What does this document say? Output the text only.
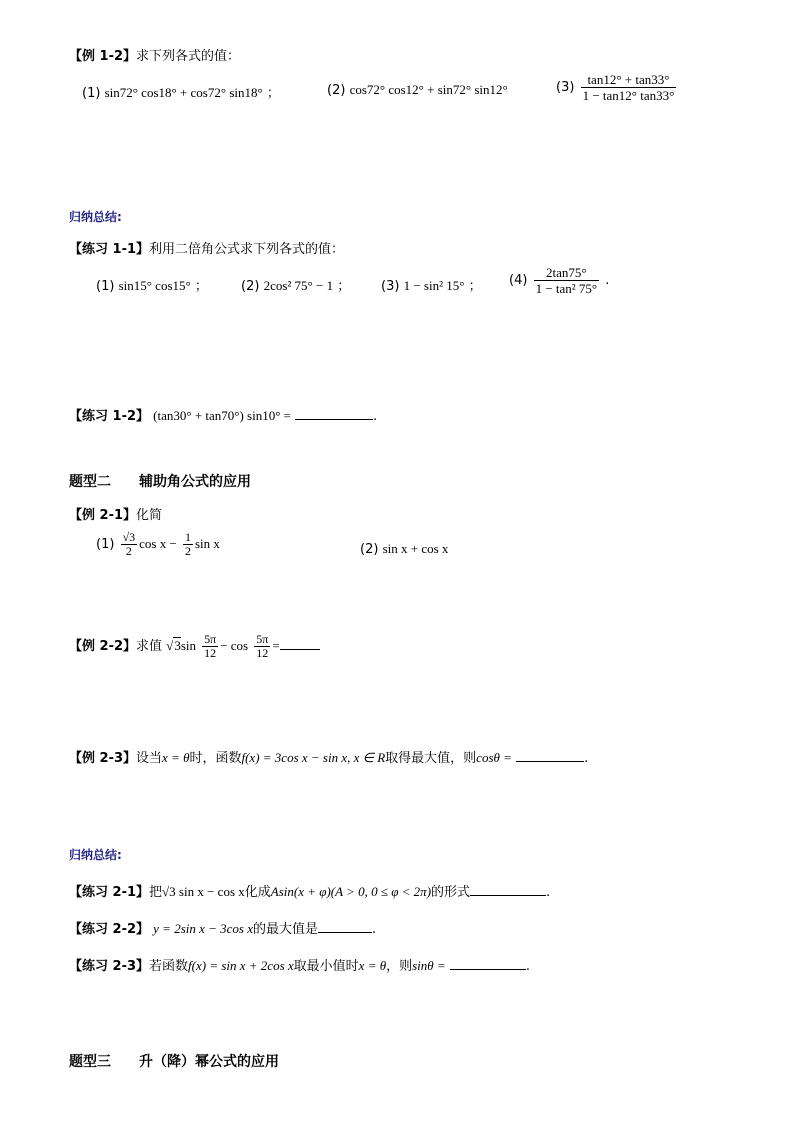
【例 1-2】求下列各式的值：
(1) sin72° cos18° + cos72° sin18° ；	(2) cos72° cos12° + sin72° sin12°	$(3) \frac{\tan 12^\circ + \tan 33^\circ}{1 - \tan 12^\circ \tan 33^\circ}$
归纳总结:
【练习 1-1】利用二倍角公式求下列各式的值：
(1) sin15° cos15° ；	(2) 2cos² 75° − 1 ； (3) 1 − sin² 15° ； $(4) \frac{2\tan 75^\circ}{\text{1 − tan² 75°}}$ .
【练习 1-2】 (tan30° + tan70°) sin10° =	.
题型二 辅助角公式的应用
【例 2-1】化简
$(1) \frac{√3}{2}$ $\cos x - \frac{1}{2}$ sin x	(2) sin x + cos x
【例 2-2】求值 $√3\sin \frac{5\pi}{12} - \cos \frac{5\pi}{12}$ =
【例 2-3】设当x = θ时，函数f(x) = 3cos x − sin x, x ∈ R取得最大值，则cosθ =	.
归纳总结:
【练习 2-1】把√3 sin x − cos x化成Asin(x + φ)(A > 0, 0 ≤ φ < 2π)的形式	.
【练习 2-2】 y = 2sin x − 3cos x的最大值是	.
【练习 2-3】若函数f(x) = sin x + 2cos x取最小值时x = θ，则sinθ =	.
题型三 升（降）幂公式的应用
